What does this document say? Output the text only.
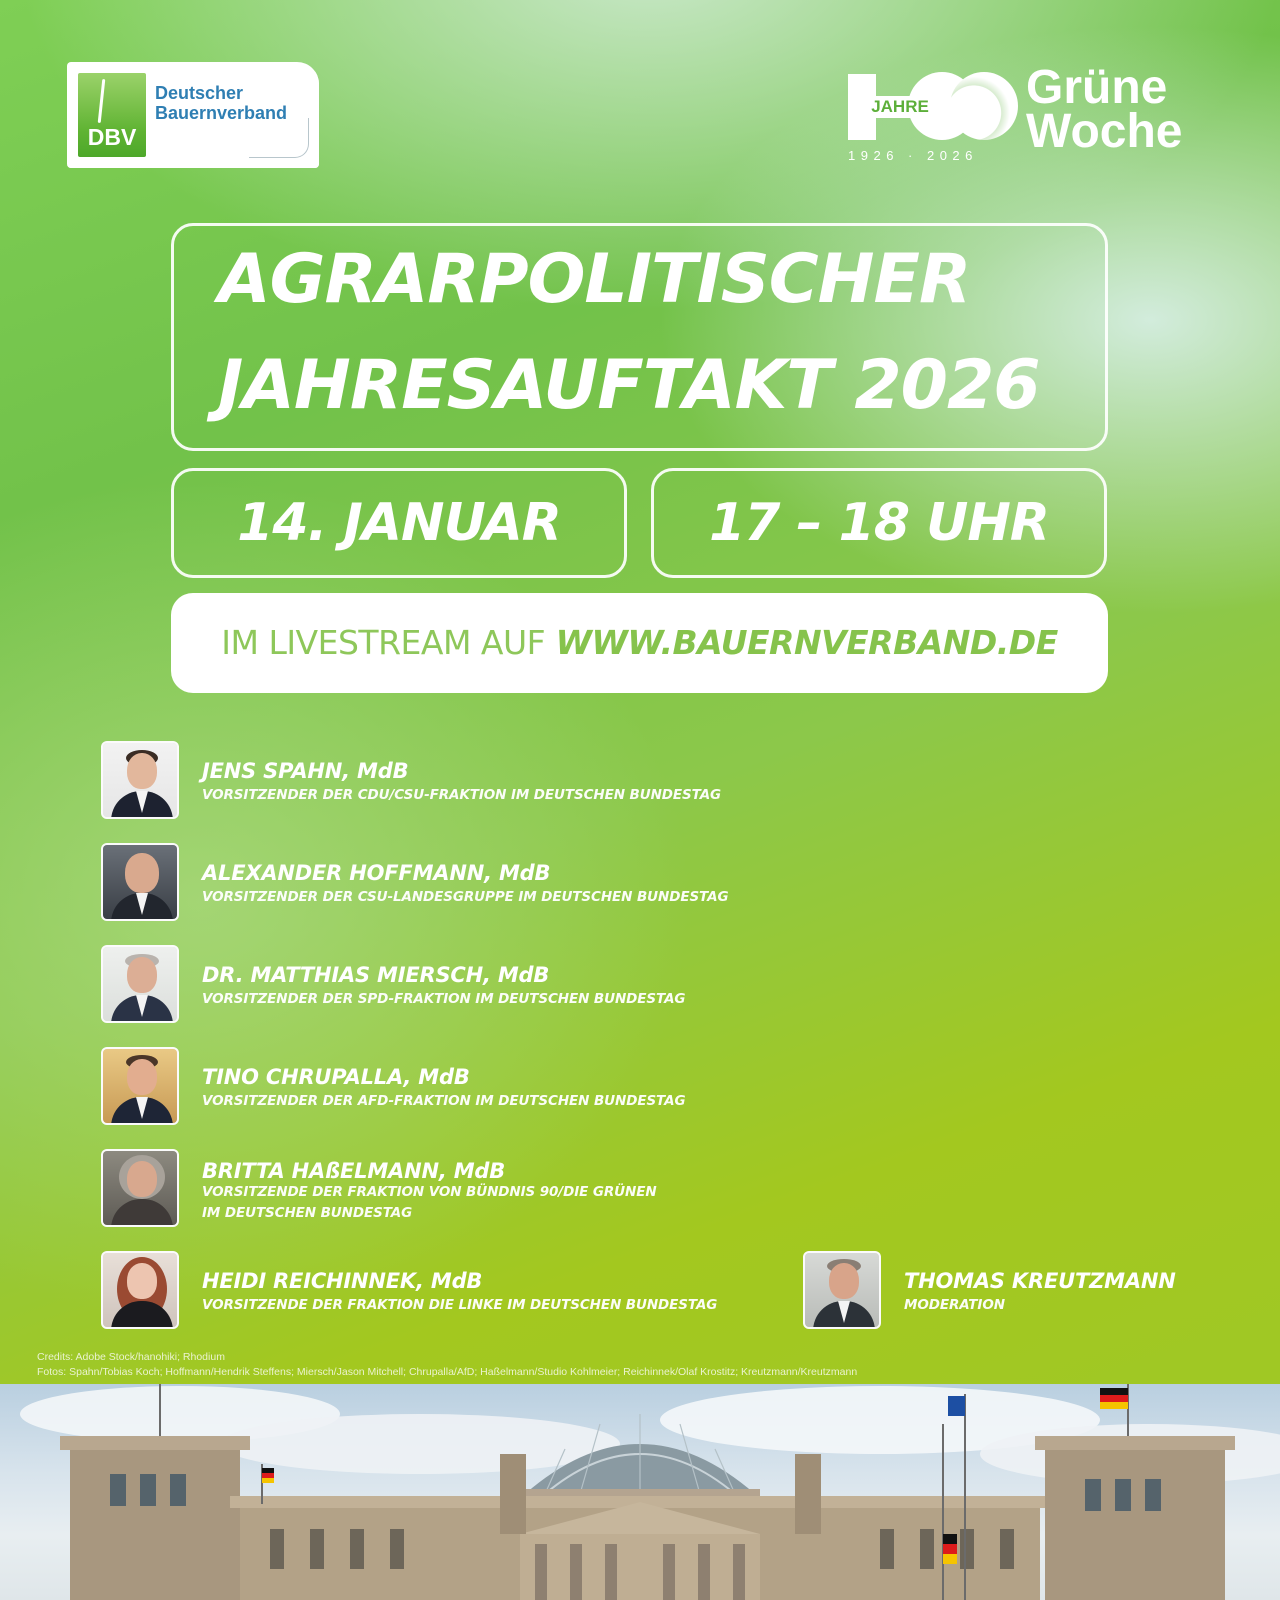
DBV
Deutscher
Bauernverband	JAHRE
1926 · 2026
Grüne
Woche
AGRARPOLITISCHER
JAHRESAUFTAKT 2026
14. JANUAR	17 – 18 UHR
IM LIVESTREAM AUF WWW.BAUERNVERBAND.DE
JENS SPAHN, MdB
VORSITZENDER DER CDU/CSU-FRAKTION IM DEUTSCHEN BUNDESTAG
ALEXANDER HOFFMANN, MdB
VORSITZENDER DER CSU-LANDESGRUPPE IM DEUTSCHEN BUNDESTAG
DR. MATTHIAS MIERSCH, MdB
VORSITZENDER DER SPD-FRAKTION IM DEUTSCHEN BUNDESTAG
TINO CHRUPALLA, MdB
VORSITZENDER DER AFD-FRAKTION IM DEUTSCHEN BUNDESTAG
BRITTA HAßELMANN, MdB
VORSITZENDE DER FRAKTION VON BÜNDNIS 90/DIE GRÜNEN
IM DEUTSCHEN BUNDESTAG
HEIDI REICHINNEK, MdB
VORSITZENDE DER FRAKTION DIE LINKE IM DEUTSCHEN BUNDESTAG
THOMAS KREUTZMANN
MODERATION
Credits: Adobe Stock/hanohiki; Rhodium
Fotos: Spahn/Tobias Koch; Hoffmann/Hendrik Steffens; Miersch/Jason Mitchell; Chrupalla/AfD; Haßelmann/Studio Kohlmeier; Reichinnek/Olaf Krostitz; Kreutzmann/Kreutzmann
